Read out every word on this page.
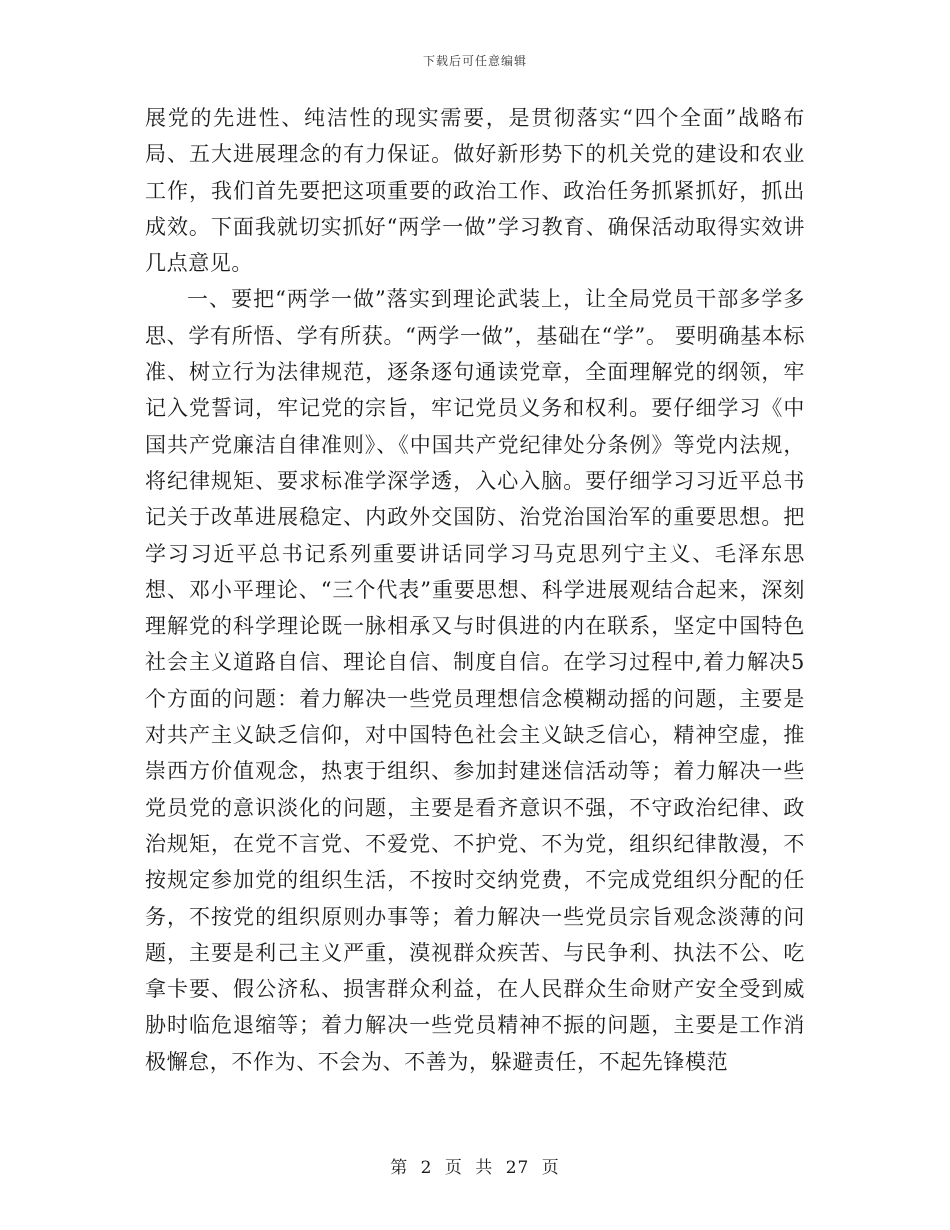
下载后可任意编辑

展党的先进性、纯洁性的现实需要，是贯彻落实“四个全面”战略布局、五大进展理念的有力保证。做好新形势下的机关党的建设和农业工作，我们首先要把这项重要的政治工作、政治任务抓紧抓好，抓出成效。下面我就切实抓好“两学一做”学习教育、确保活动取得实效讲几点意见。

一、要把“两学一做”落实到理论武装上，让全局党员干部多学多思、学有所悟、学有所获。“两学一做”，基础在“学”。 要明确基本标准、树立行为法律规范，逐条逐句通读党章，全面理解党的纲领，牢记入党誓词，牢记党的宗旨，牢记党员义务和权利。要仔细学习《中国共产党廉洁自律准则》、《中国共产党纪律处分条例》等党内法规，将纪律规矩、要求标准学深学透，入心入脑。要仔细学习习近平总书记关于改革进展稳定、内政外交国防、治党治国治军的重要思想。把学习习近平总书记系列重要讲话同学习马克思列宁主义、毛泽东思想、邓小平理论、“三个代表”重要思想、科学进展观结合起来，深刻理解党的科学理论既一脉相承又与时俱进的内在联系，坚定中国特色社会主义道路自信、理论自信、制度自信。在学习过程中,着力解决5个方面的问题：着力解决一些党员理想信念模糊动摇的问题，主要是对共产主义缺乏信仰，对中国特色社会主义缺乏信心，精神空虚，推崇西方价值观念，热衷于组织、参加封建迷信活动等；着力解决一些党员党的意识淡化的问题，主要是看齐意识不强，不守政治纪律、政治规矩，在党不言党、不爱党、不护党、不为党，组织纪律散漫，不按规定参加党的组织生活，不按时交纳党费，不完成党组织分配的任务，不按党的组织原则办事等；着力解决一些党员宗旨观念淡薄的问题，主要是利己主义严重，漠视群众疾苦、与民争利、执法不公、吃拿卡要、假公济私、损害群众利益，在人民群众生命财产安全受到威胁时临危退缩等；着力解决一些党员精神不振的问题，主要是工作消极懈怠，不作为、不会为、不善为，躲避责任，不起先锋模范

第 2 页 共 27 页
